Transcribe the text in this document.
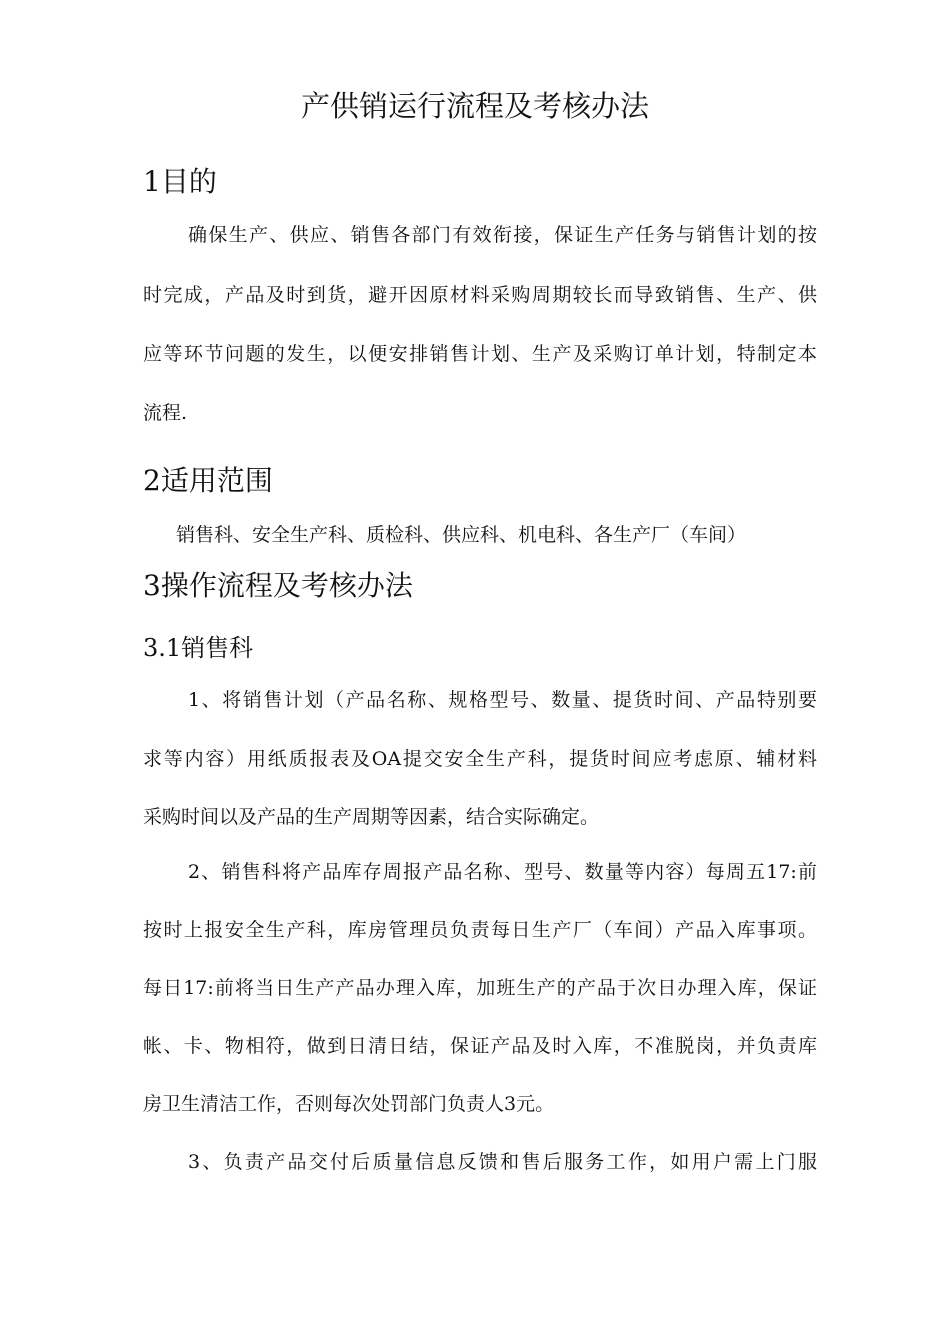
产供销运行流程及考核办法
1目的

确保生产、供应、销售各部门有效衔接，保证生产任务与销售计划的按

时完成，产品及时到货，避开因原材料采购周期较长而导致销售、生产、供

应等环节问题的发生，以便安排销售计划、生产及采购订单计划，特制定本

流程.

2适用范围

销售科、安全生产科、质检科、供应科、机电科、各生产厂（车间）

3操作流程及考核办法
3.1销售科

1、将销售计划（产品名称、规格型号、数量、提货时间、产品特别要

求等内容）用纸质报表及OA提交安全生产科，提货时间应考虑原、辅材料

采购时间以及产品的生产周期等因素，结合实际确定。

2、销售科将产品库存周报产品名称、型号、数量等内容）每周五17:前

按时上报安全生产科，库房管理员负责每日生产厂（车间）产品入库事项。

每日17:前将当日生产产品办理入库，加班生产的产品于次日办理入库，保证

帐、卡、物相符，做到日清日结，保证产品及时入库，不准脱岗，并负责库

房卫生清洁工作，否则每次处罚部门负责人3元。

3、负责产品交付后质量信息反馈和售后服务工作，如用户需上门服
